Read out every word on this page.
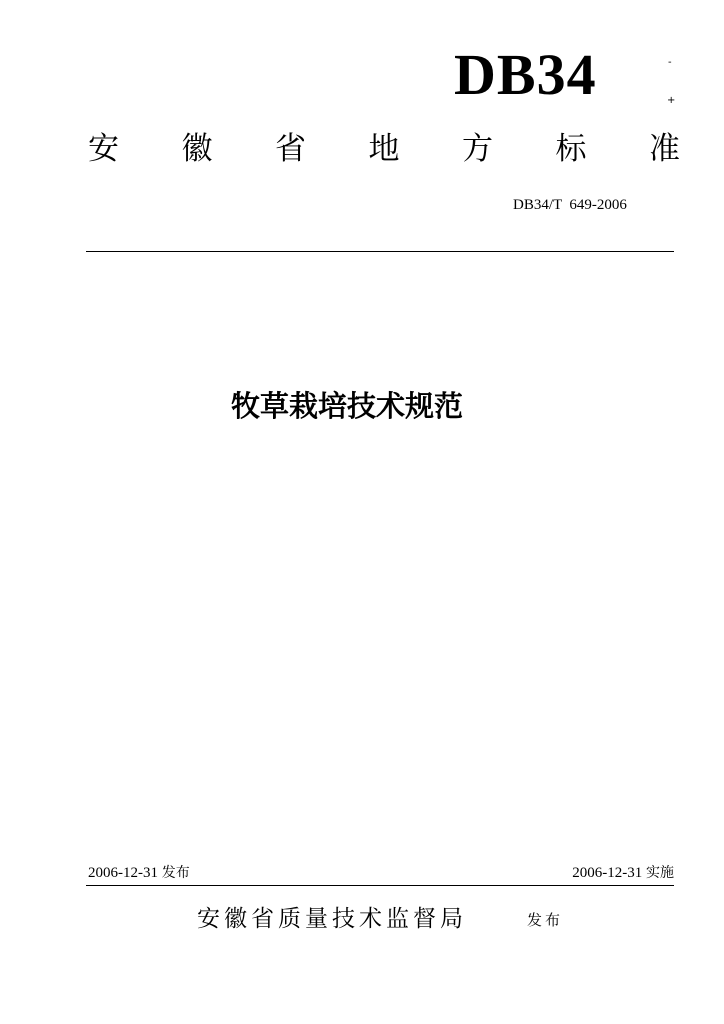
DB34	-
+
安 徽 省 地 方 标 准
DB34/T  649-2006
牧草栽培技术规范
2006-12-31 发布	2006-12-31 实施
安徽省质量技术监督局	发布
